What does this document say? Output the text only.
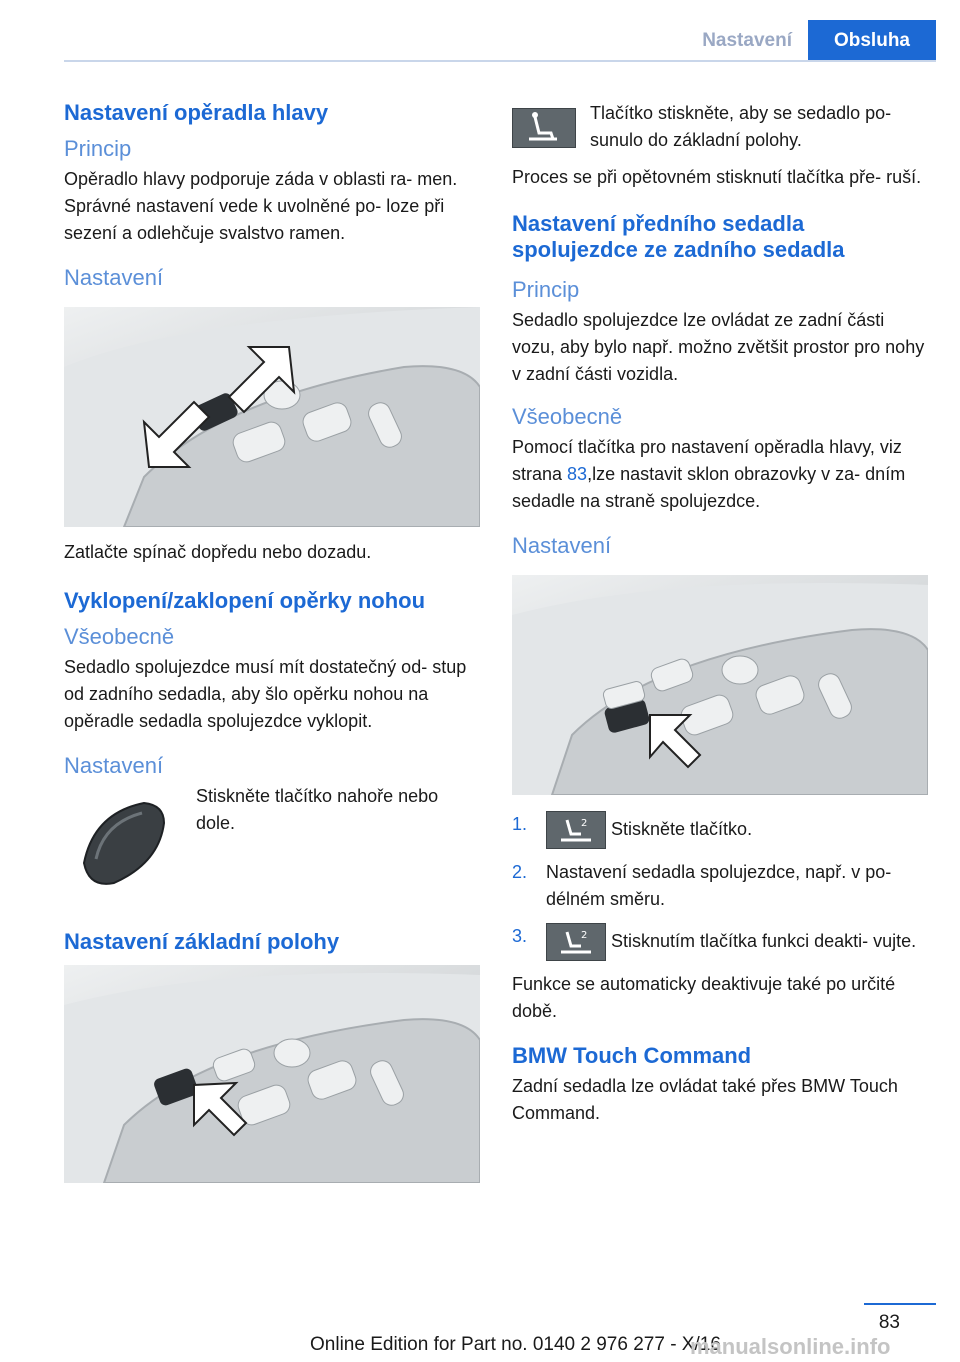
Nastavení	Obsluha
Nastavení opěradla hlavy
Princip

Opěradlo hlavy podporuje záda v oblasti ra- men. Správné nastavení vede k uvolněné po- loze při sezení a odlehčuje svalstvo ramen.

Nastavení

Zatlačte spínač dopředu nebo dozadu.

Vyklopení/zaklopení opěrky nohou
Všeobecně

Sedadlo spolujezdce musí mít dostatečný od- stup od zadního sedadla, aby šlo opěrku nohou na opěradle sedadla spolujezdce vyklopit.

Nastavení

Stiskněte tlačítko nahoře nebo dole.

Nastavení základní polohy

Tlačítko stiskněte, aby se sedadlo po- sunulo do základní polohy.

Proces se při opětovném stisknutí tlačítka pře- ruší.

Nastavení předního sedadla spolujezdce ze zadního sedadla
Princip

Sedadlo spolujezdce lze ovládat ze zadní části vozu, aby bylo např. možno zvětšit prostor pro nohy v zadní části vozidla.

Všeobecně

Pomocí tlačítka pro nastavení opěradla hlavy, viz strana 83,lze nastavit sklon obrazovky v za- dním sedadle na straně spolujezdce.

Nastavení
1.	2 Stiskněte tlačítko.
2. Nastavení sedadla spolujezdce, např. v po- délném směru.
3.	2 Stisknutím tlačítka funkci deakti- vujte.

Funkce se automaticky deaktivuje také po určité době.

BMW Touch Command

Zadní sedadla lze ovládat také přes BMW Touch Command.

83
Online Edition for Part no. 0140 2 976 277 - X/16
manualsonline.info
